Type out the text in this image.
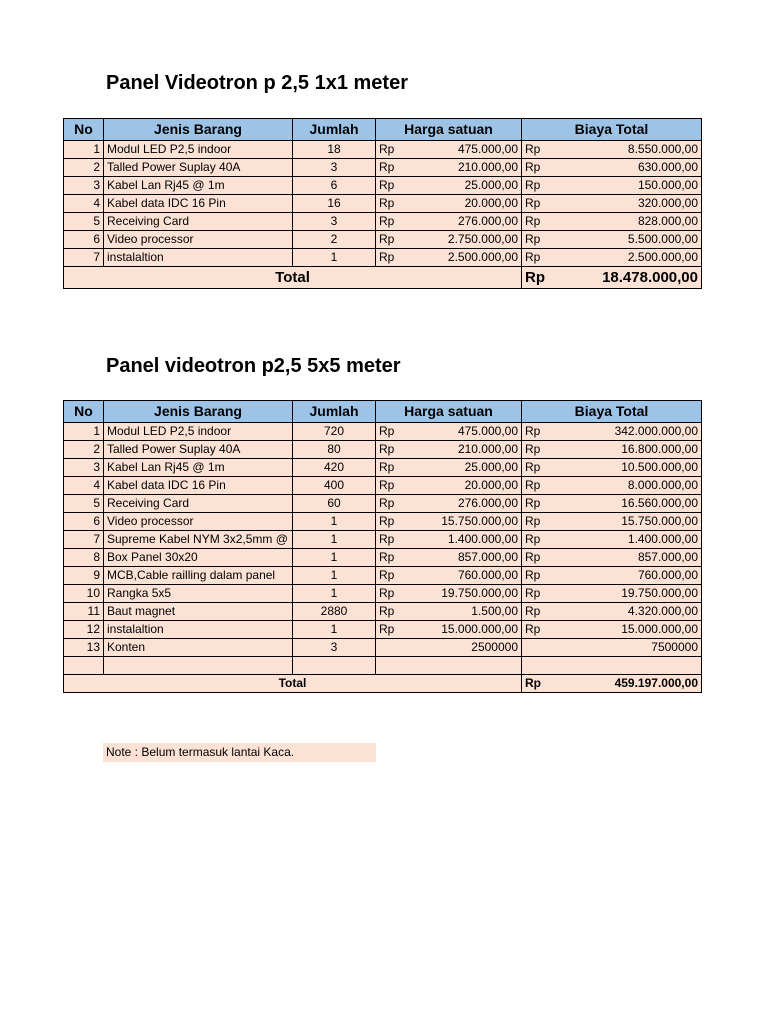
Panel Videotron p 2,5 1x1 meter
No	Jenis Barang	Jumlah	Harga satuan		Biaya Total	
1	Modul LED P2,5 indoor	18	Rp	475.000,00	Rp	8.550.000,00
2	Talled Power Suplay 40A	3	Rp	210.000,00	Rp	630.000,00
3	Kabel Lan Rj45 @ 1m	6	Rp	25.000,00	Rp	150.000,00
4	Kabel data IDC 16 Pin	16	Rp	20.000,00	Rp	320.000,00
5	Receiving Card	3	Rp	276.000,00	Rp	828.000,00
6	Video processor	2	Rp	2.750.000,00	Rp	5.500.000,00
7	instalaltion	1	Rp	2.500.000,00	Rp	2.500.000,00
Total					Rp	18.478.000,00
Panel videotron p2,5 5x5 meter
No	Jenis Barang	Jumlah	Harga satuan		Biaya Total	
1	Modul LED P2,5 indoor	720	Rp	475.000,00	Rp	342.000.000,00
2	Talled Power Suplay 40A	80	Rp	210.000,00	Rp	16.800.000,00
3	Kabel Lan Rj45 @ 1m	420	Rp	25.000,00	Rp	10.500.000,00
4	Kabel data IDC 16 Pin	400	Rp	20.000,00	Rp	8.000.000,00
5	Receiving Card	60	Rp	276.000,00	Rp	16.560.000,00
6	Video processor	1	Rp	15.750.000,00	Rp	15.750.000,00
7	Supreme Kabel NYM 3x2,5mm @	1	Rp	1.400.000,00	Rp	1.400.000,00
8	Box Panel 30x20	1	Rp	857.000,00	Rp	857.000,00
9	MCB,Cable railling dalam panel	1	Rp	760.000,00	Rp	760.000,00
10	Rangka 5x5	1	Rp	19.750.000,00	Rp	19.750.000,00
11	Baut magnet	2880	Rp	1.500,00	Rp	4.320.000,00
12	instalaltion	1	Rp	15.000.000,00	Rp	15.000.000,00
13	Konten	3	2500000		7500000	

Total					Rp	459.197.000,00
Note : Belum termasuk lantai Kaca.
